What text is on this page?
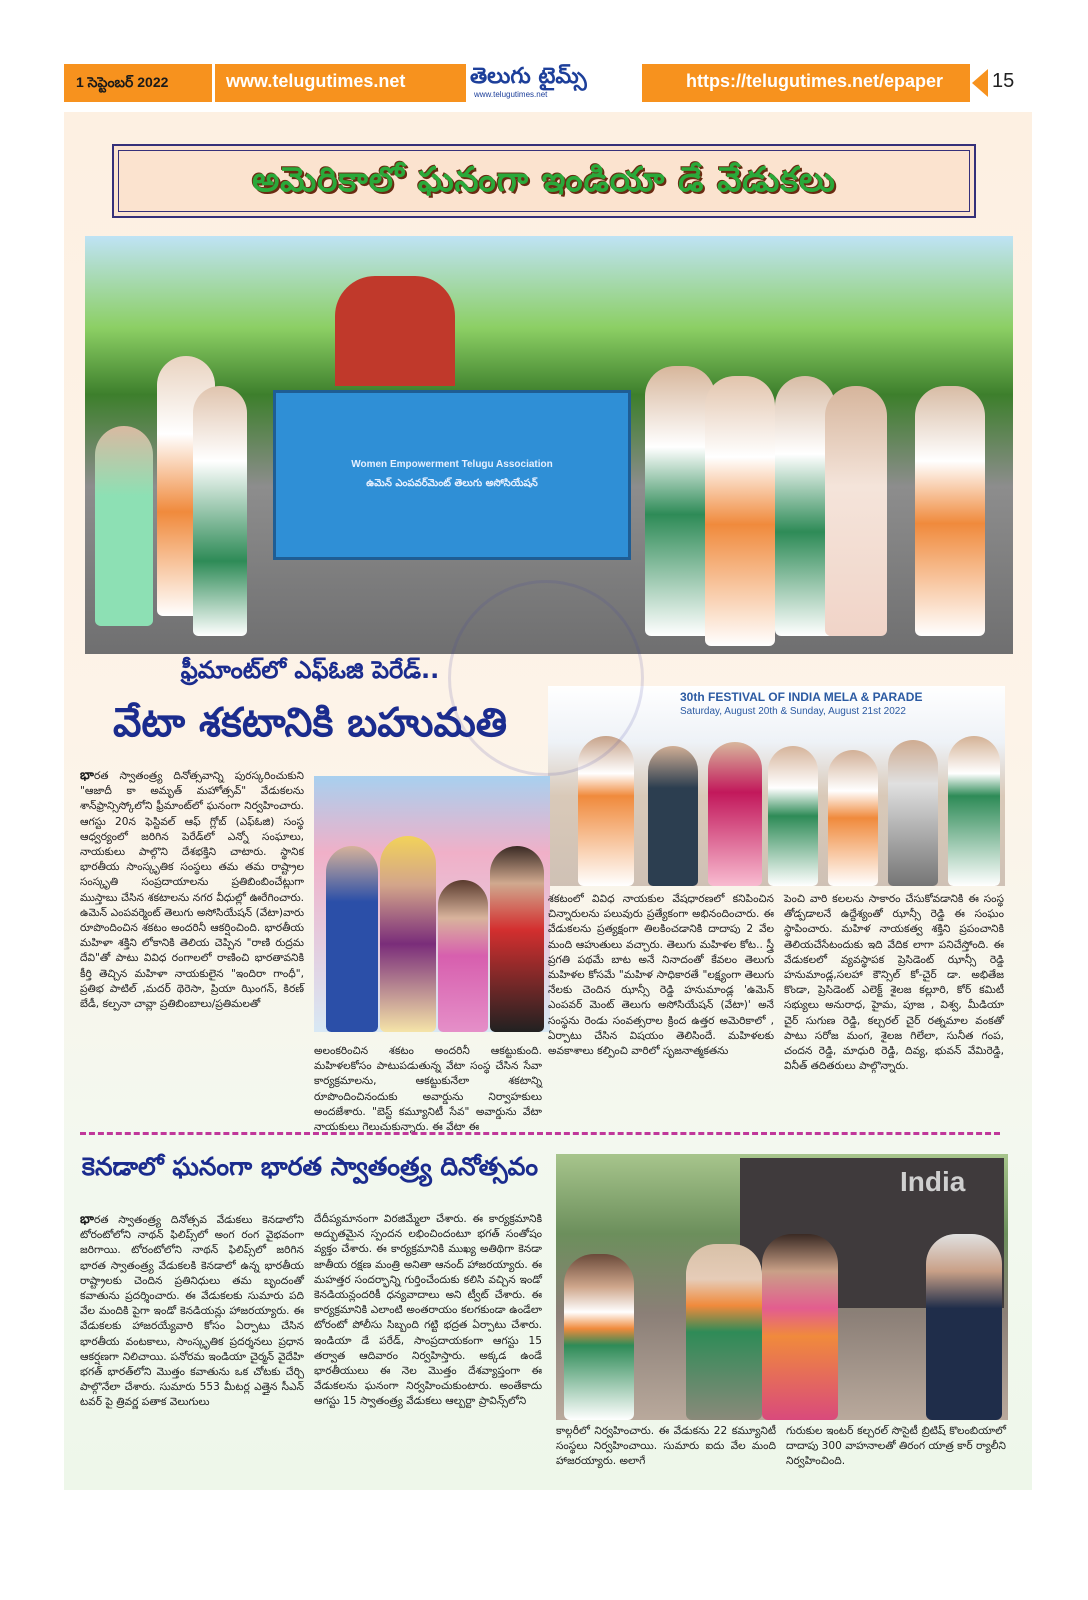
1 సెప్టెంబర్ 2022	www.telugutimes.net	తెలుగు టైమ్స్
www.telugutimes.net
https://telugutimes.net/epaper 15
అమెరికాలో ఘనంగా ఇండియా డే వేడుకలు
Women Empowerment Telugu Association
ఉమెన్ ఎంపవర్‌మెంట్ తెలుగు అసోసియేషన్
ఫ్రీమాంట్‌లో ఎఫ్‌ఓజి పెరేడ్..
వేటా శకటానికి బహుమతి
30th FESTIVAL OF INDIA MELA & PARADE
Saturday, August 20th & Sunday, August 21st 2022
భారత స్వాతంత్ర్య దినోత్సవాన్ని పురస్కరించుకుని "ఆజాదీ కా అమృత్ మహోత్సవ్" వేడుకలను శాన్‌ఫ్రాన్సిస్కోలోని ఫ్రీమాంట్‌లో ఘనంగా నిర్వహించారు. ఆగస్టు 20న ఫెస్టివల్ ఆఫ్ గ్లోబ్ (ఎఫ్‌ఓజి) సంస్థ ఆధ్వర్యంలో జరిగిన పెరేడ్‌లో ఎన్నో సంఘాలు, నాయకులు పాల్గొని దేశభక్తిని చాటారు. స్థానిక భారతీయ సాంస్కృతిక సంస్థలు తమ తమ రాష్ట్రాల సంస్కృతి సంప్రదాయాలను ప్రతిబింబించేట్లుగా ముస్తాబు చేసిన శకటాలను నగర వీధుల్లో ఊరేగించారు. ఉమెన్ ఎంపవర్మెంట్ తెలుగు అసోసియేషన్ (వేటా)వారు రూపొందించిన శకటం అందరినీ ఆకర్షించింది. భారతీయ మహిళా శక్తిని లోకానికి తెలియ చెప్పిన "రాణి రుద్రమ దేవి"తో పాటు వివిధ రంగాలలో రాణించి భారతావనికి కీర్తి తెచ్చిన మహిళా నాయకులైన "ఇందిరా గాంధీ", ప్రతిభ పాటిల్ ,మదర్ థెరెసా, ప్రియా ఝింగన్, కిరణ్ బేడీ, కల్పనా చావ్లా ప్రతిబింబాలు/ప్రతిమలతో
అలంకరించిన శకటం అందరినీ ఆకట్టుకుంది. మహిళలకోసం పాటుపడుతున్న వేటా సంస్థ చేసిన సేవా కార్యక్రమాలను, ఆకట్టుకునేలా శకటాన్ని రూపొందించినందుకు అవార్డును నిర్వాహకులు అందజేశారు. "బెస్ట్ కమ్యూనిటీ సేవ" అవార్డును వేటా నాయకులు గెలుచుకున్నారు. ఈ వేటా ఈ
శకటంలో వివిధ నాయకుల వేషధారణలో కనిపించిన చిన్నారులను పలువురు ప్రత్యేకంగా అభినందించారు. ఈ వేడుకలను ప్రత్యక్షంగా తిలకించడానికి దాదాపు 2 వేల మంది ఆహుతులు వచ్చారు. తెలుగు మహిళల కోట.. స్త్రీ ప్రగతి పథమే బాట అనే నినాదంతో కేవలం తెలుగు మహిళల కోసమే "మహిళ సాధికారతే "లక్ష్యంగా తెలుగు నేలకు చెందిన ఝాన్సీ రెడ్డి హనుమాండ్ల 'ఉమెన్ ఎంపవర్ మెంట్ తెలుగు అసోసియేషన్ (వేటా)' అనే సంస్థను రెండు సంవత్సరాల క్రింద ఉత్తర అమెరికాలో , ఏర్పాటు చేసిన విషయం తెలిసిందే. మహిళలకు అవకాశాలు కల్పించి వారిలో సృజనాత్మకతను
పెంచి వారి కలలను సాకారం చేసుకోవడానికి ఈ సంస్థ తోడ్పడాలనే ఉద్దేశ్యంతో ఝాన్సీ రెడ్డి ఈ సంఘం స్థాపించారు. మహిళ నాయకత్వ శక్తిని ప్రపంచానికి తెలియచేసేటందుకు ఇది వేదిక లాగా పనిచేస్తోంది. ఈ వేడుకలలో వ్యవస్థాపక ప్రెసిడెంట్ ఝాన్సీ రెడ్డి హనుమాండ్ల,సలహా కౌన్సిల్ కో-చైర్ డా. అభితేజ కొండా, ప్రెసిడెంట్ ఎలెక్ట్ శైలజ కల్లూరి, కోర్ కమిటీ సభ్యులు అనురాధ, హైమ, పూజ , విశ్వ, మీడియా చైర్ సుగుణ రెడ్డి, కల్చరల్ చైర్ రత్నమాల వంకతో పాటు సరోజ మంగ, శైలజ గిలేలా, సునీత గంప, చందన రెడ్డి, మాధురి రెడ్డి, దివ్య, భువన్ వేమిరెడ్డి, వినీత్ తదితరులు పాల్గొన్నారు.
కెనడాలో ఘనంగా భారత స్వాతంత్ర్య దినోత్సవం	India
భారత స్వాతంత్ర్య దినోత్సవ వేడుకలు కెనడాలోని టోరంటోలోని నాథన్ ఫిలిప్స్‌లో అంగ రంగ వైభవంగా జరిగాయి. టోరంటోలోని నాథన్ ఫిలిప్స్‌లో జరిగిన భారత స్వాతంత్ర్య వేడుకలకి కెనడాలో ఉన్న భారతీయ రాష్ట్రాలకు చెందిన ప్రతినిధులు తమ బృందంతో కవాతును ప్రదర్శించారు. ఈ వేడుకలకు సుమారు పది వేల మందికి పైగా ఇండో కెనడియన్లు హాజరయ్యారు. ఈ వేడుకలకు హాజరయ్యేవారి కోసం ఏర్పాటు చేసిన భారతీయ వంటకాలు, సాంస్కృతిక ప్రదర్శనలు ప్రధాన ఆకర్షణగా నిలిచాయి. పనోరమ ఇండియా చైర్మన్ వైదేహి భగత్ భారత్‌లోని మొత్తం కవాతును ఒక చోటకు చేర్చి పాల్గొనేలా చేశారు. సుమారు 553 మీటర్ల ఎత్తైన సీఎన్ టవర్ పై త్రివర్ణ పతాక వెలుగులు
దేదీప్యమానంగా విరజిమ్మేలా చేశారు. ఈ కార్యక్రమానికి అద్భుతమైన స్పందన లభించిందంటూ భగత్ సంతోషం వ్యక్తం చేశారు. ఈ కార్యక్రమానికి ముఖ్య అతిథిగా కెనడా జాతీయ రక్షణ మంత్రి అనితా ఆనంద్ హాజరయ్యారు. ఈ మహత్తర సందర్భాన్ని గుర్తించేందుకు కలిసి వచ్చిన ఇండో కెనడియన్లందరికీ ధన్యవాదాలు అని ట్వీట్ చేశారు. ఈ కార్యక్రమానికి ఎలాంటి అంతరాయం కలగకుండా ఉండేలా టోరంటో పోలీసు సిబ్బంది గట్టి భద్రత ఏర్పాటు చేశారు. ఇండియా డే పరేడ్, సాంప్రదాయకంగా ఆగస్టు 15 తర్వాత ఆదివారం నిర్వహిస్తారు. అక్కడ ఉండే భారతీయులు ఈ నెల మొత్తం దేశవ్యాప్తంగా ఈ వేడుకలను ఘనంగా నిర్వహించుకుంటారు. అంతేకాదు ఆగస్టు 15 స్వాతంత్ర్య వేడుకలు ఆల్బర్టా ప్రావిన్స్‌లోని
కాల్గరీలో నిర్వహించారు. ఈ వేడుకను 22 కమ్యూనిటీ సంస్థలు నిర్వహించాయి. సుమారు ఐదు వేల మంది హాజరయ్యారు. అలాగే
గురుకుల ఇంటర్ కల్చరల్ సొసైటీ బ్రిటిష్ కొలంబియాలో దాదాపు 300 వాహనాలతో తిరంగ యాత్ర కార్ ర్యాలీని నిర్వహించింది.
